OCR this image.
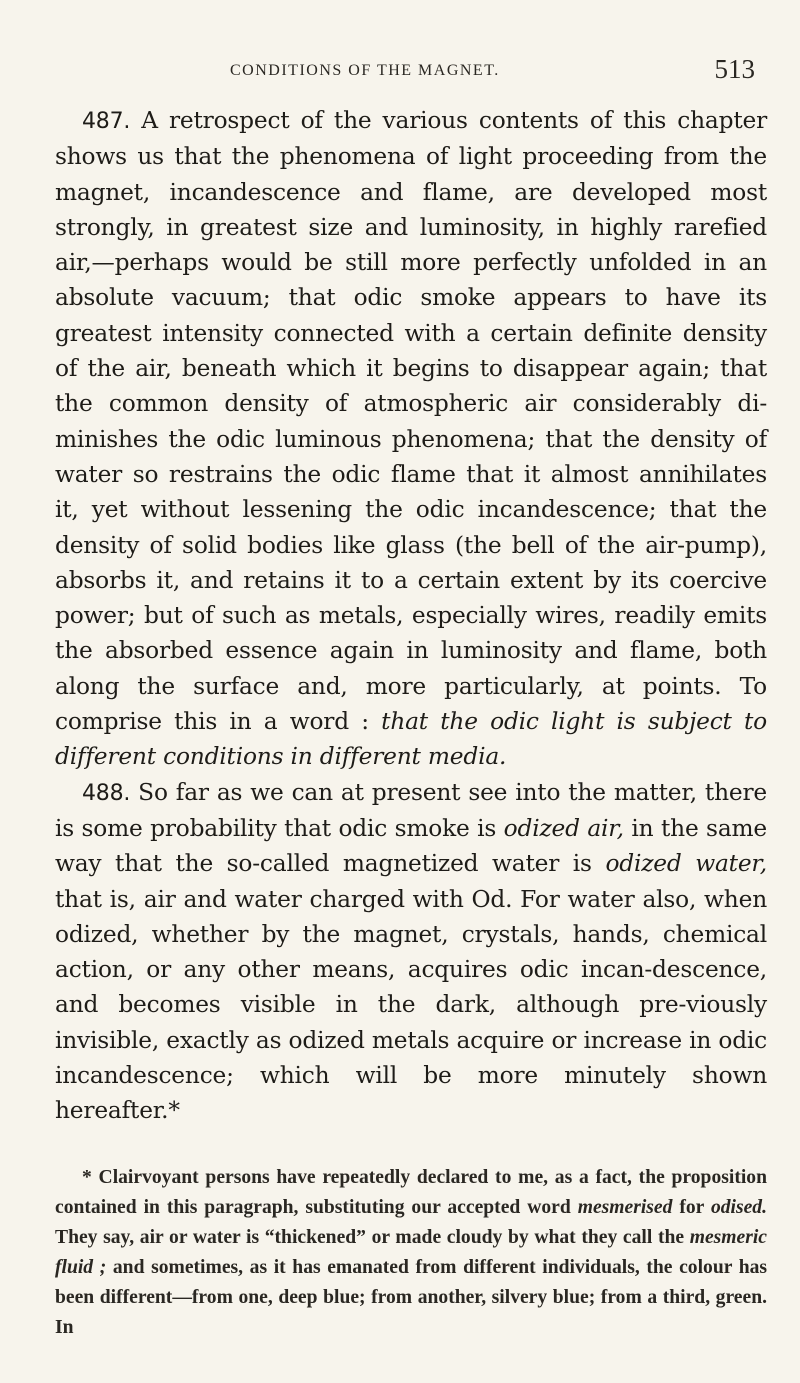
CONDITIONS OF THE MAGNET.	513

487. A retrospect of the various contents of this chapter shows us that the phenomena of light proceeding from the magnet, incandescence and flame, are developed most strongly, in greatest size and luminosity, in highly rarefied air,—perhaps would be still more perfectly unfolded in an absolute vacuum; that odic smoke appears to have its greatest intensity connected with a certain definite density of the air, beneath which it begins to disappear again; that the common density of atmospheric air considerably di-minishes the odic luminous phenomena; that the density of water so restrains the odic flame that it almost annihilates it, yet without lessening the odic incandescence; that the density of solid bodies like glass (the bell of the air-pump), absorbs it, and retains it to a certain extent by its coercive power; but of such as metals, especially wires, readily emits the absorbed essence again in luminosity and flame, both along the surface and, more particularly, at points. To comprise this in a word : that the odic light is subject to different conditions in different media.

488. So far as we can at present see into the matter, there is some probability that odic smoke is odized air, in the same way that the so-called magnetized water is odized water, that is, air and water charged with Od. For water also, when odized, whether by the magnet, crystals, hands, chemical action, or any other means, acquires odic incan-descence, and becomes visible in the dark, although pre-viously invisible, exactly as odized metals acquire or increase in odic incandescence; which will be more minutely shown hereafter.*

* Clairvoyant persons have repeatedly declared to me, as a fact, the proposition contained in this paragraph, substituting our accepted word mesmerised for odised. They say, air or water is “thickened” or made cloudy by what they call the mesmeric fluid ; and sometimes, as it has emanated from different individuals, the colour has been different—from one, deep blue; from another, silvery blue; from a third, green. In
